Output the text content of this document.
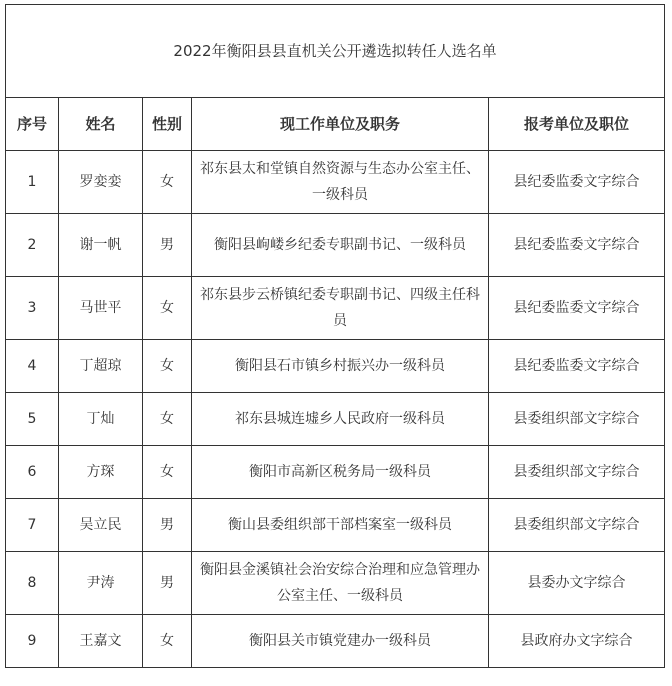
2022年衡阳县县直机关公开遴选拟转任人选名单				
序号	姓名	性别	现工作单位及职务	报考单位及职位
1	罗娈娈	女	祁东县太和堂镇自然资源与生态办公室主任、一级科员	县纪委监委文字综合
2	谢一帆	男	衡阳县岣嵝乡纪委专职副书记、一级科员	县纪委监委文字综合
3	马世平	女	祁东县步云桥镇纪委专职副书记、四级主任科员	县纪委监委文字综合
4	丁超琼	女	衡阳县石市镇乡村振兴办一级科员	县纪委监委文字综合
5	丁灿	女	祁东县城连墟乡人民政府一级科员	县委组织部文字综合
6	方琛	女	衡阳市高新区税务局一级科员	县委组织部文字综合
7	吴立民	男	衡山县委组织部干部档案室一级科员	县委组织部文字综合
8	尹涛	男	衡阳县金溪镇社会治安综合治理和应急管理办公室主任、一级科员	县委办文字综合
9	王嘉文	女	衡阳县关市镇党建办一级科员	县政府办文字综合
